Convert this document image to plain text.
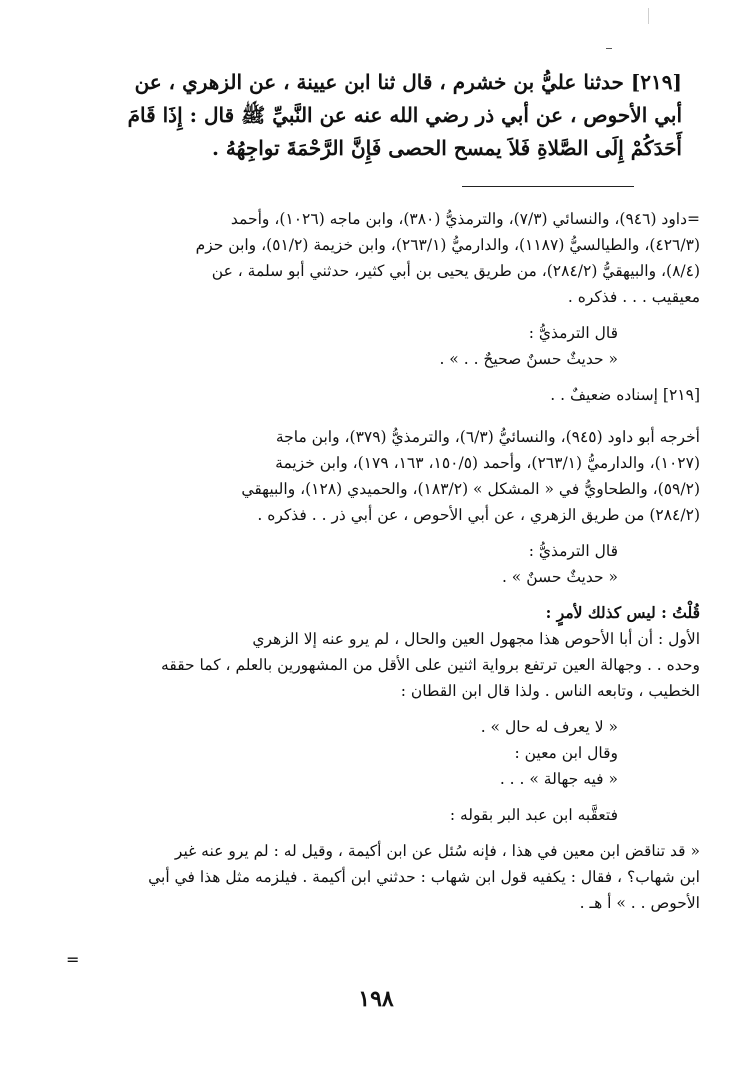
[٢١٩] حدثنا عليُّ بن خشرم ، قال ثنا ابن عيينة ، عن الزهري ، عن

أبي الأحوص ، عن أبي ذر رضي الله عنه عن النَّبيِّ ﷺ قال : إِذَا قَامَ

أَحَدَكُمْ إِلَى الصَّلاةِ فَلاَ يمسح الحصى فَإِنَّ الرَّحْمَةَ تواجِهُهُ .

=داود (٩٤٦)، والنسائي (٧/٣)، والترمذيُّ (٣٨٠)، وابن ماجه (١٠٢٦)، وأحمد

(٤٢٦/٣)، والطيالسيُّ (١١٨٧)، والدارميُّ (٢٦٣/١)، وابن خزيمة (٥١/٢)، وابن حزم

(٨/٤)، والبيهقيُّ (٢٨٤/٢)، من طريق يحيى بن أبي كثير، حدثني أبو سلمة ، عن

معيقيب . . . فذكره .

قال الترمذيُّ :

« حديثٌ حسنٌ صحيحٌ . . » .

[٢١٩] إسناده ضعيفٌ . .

أخرجه أبو داود (٩٤٥)، والنسائيُّ (٦/٣)، والترمذيُّ (٣٧٩)، وابن ماجة

(١٠٢٧)، والدارميُّ (٢٦٣/١)، وأحمد (١٥٠/٥، ١٦٣، ١٧٩)، وابن خزيمة

(٥٩/٢)، والطحاويُّ في « المشكل » (١٨٣/٢)، والحميدي (١٢٨)، والبيهقي

(٢٨٤/٢) من طريق الزهري ، عن أبي الأحوص ، عن أبي ذر . . فذكره .

قال الترمذيُّ :

« حديثٌ حسنٌ » .

قُلْتُ : ليس كذلك لأمرٍ :

الأول : أن أبا الأحوص هذا مجهول العين والحال ، لم يرو عنه إلا الزهري

وحده . . وجهالة العين ترتفع برواية اثنين على الأقل من المشهورين بالعلم ، كما حققه

الخطيب ، وتابعه الناس . ولذا قال ابن القطان :

« لا يعرف له حال » .

وقال ابن معين :

« فيه جهالة » . . .

فتعقَّبه ابن عبد البر بقوله :

« قد تناقض ابن معين في هذا ، فإنه سُئل عن ابن أكيمة ، وقيل له : لم يرو عنه غير

ابن شهاب؟ ، فقال : يكفيه قول ابن شهاب : حدثني ابن أكيمة . فيلزمه مثل هذا في أبي

الأحوص . . » أ هـ .

=
١٩٨
